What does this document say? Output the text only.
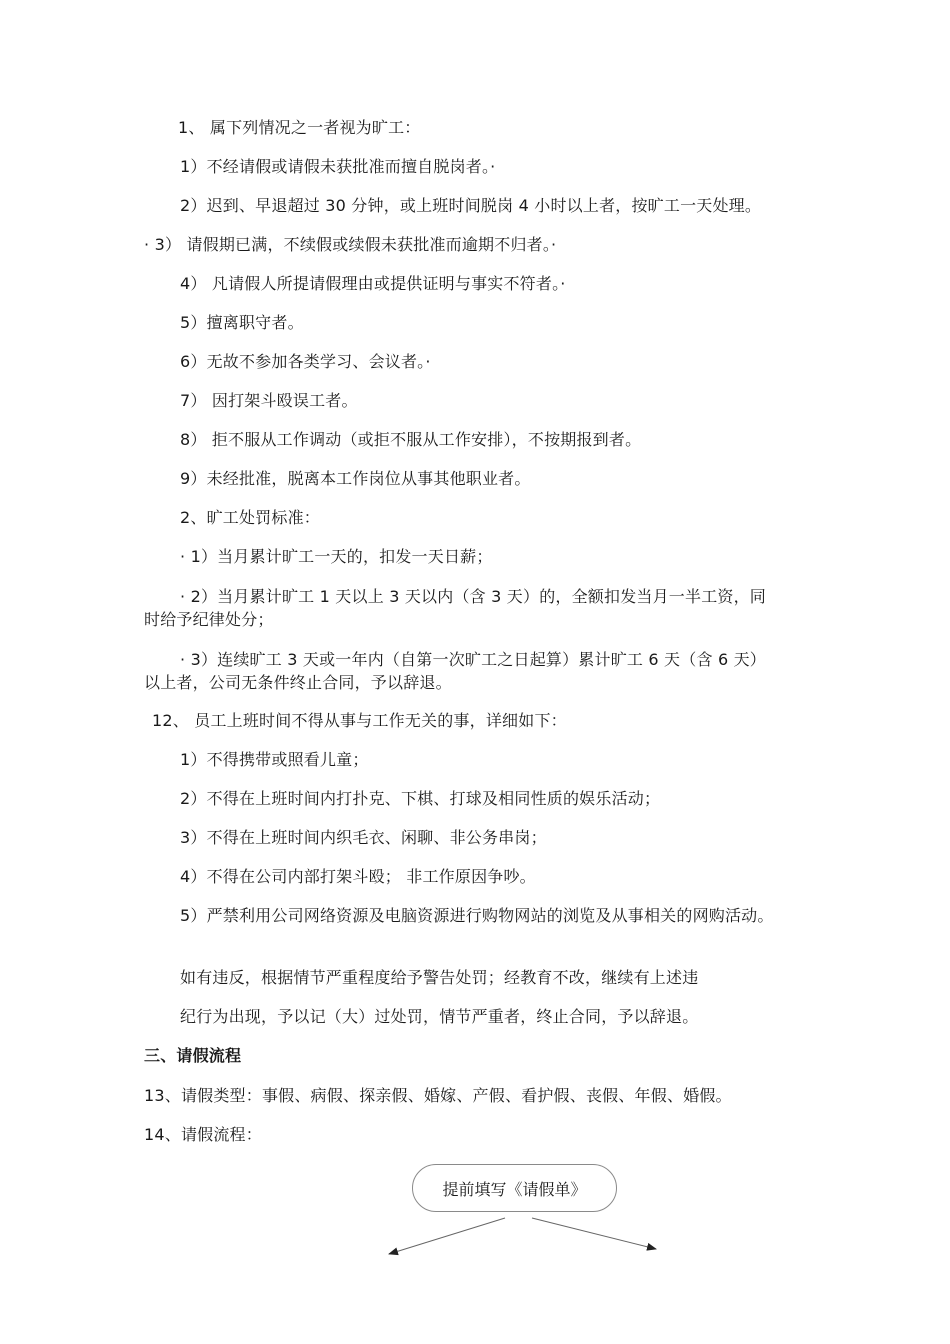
1、 属下列情况之一者视为旷工：
1）不经请假或请假未获批准而擅自脱岗者。·
2）迟到、早退超过 30 分钟，或上班时间脱岗 4 小时以上者，按旷工一天处理。
· 3） 请假期已满，不续假或续假未获批准而逾期不归者。·
4） 凡请假人所提请假理由或提供证明与事实不符者。·
5）擅离职守者。
6）无故不参加各类学习、会议者。·
7） 因打架斗殴误工者。
8） 拒不服从工作调动（或拒不服从工作安排），不按期报到者。
9）未经批准，脱离本工作岗位从事其他职业者。
2、旷工处罚标准：
· 1）当月累计旷工一天的，扣发一天日薪；
· 2）当月累计旷工 1 天以上 3 天以内（含 3 天）的，全额扣发当月一半工资，同
时给予纪律处分；
· 3）连续旷工 3 天或一年内（自第一次旷工之日起算）累计旷工 6 天（含 6 天）
以上者，公司无条件终止合同，予以辞退。
12、 员工上班时间不得从事与工作无关的事，详细如下：
1）不得携带或照看儿童；
2）不得在上班时间内打扑克、下棋、打球及相同性质的娱乐活动；
3）不得在上班时间内织毛衣、闲聊、非公务串岗；
4）不得在公司内部打架斗殴； 非工作原因争吵。
5）严禁利用公司网络资源及电脑资源进行购物网站的浏览及从事相关的网购活动。
如有违反，根据情节严重程度给予警告处罚；经教育不改，继续有上述违
纪行为出现，予以记（大）过处罚，情节严重者，终止合同，予以辞退。
三、请假流程
13、请假类型：事假、病假、探亲假、婚嫁、产假、看护假、丧假、年假、婚假。
14、请假流程：
提前填写《请假单》
